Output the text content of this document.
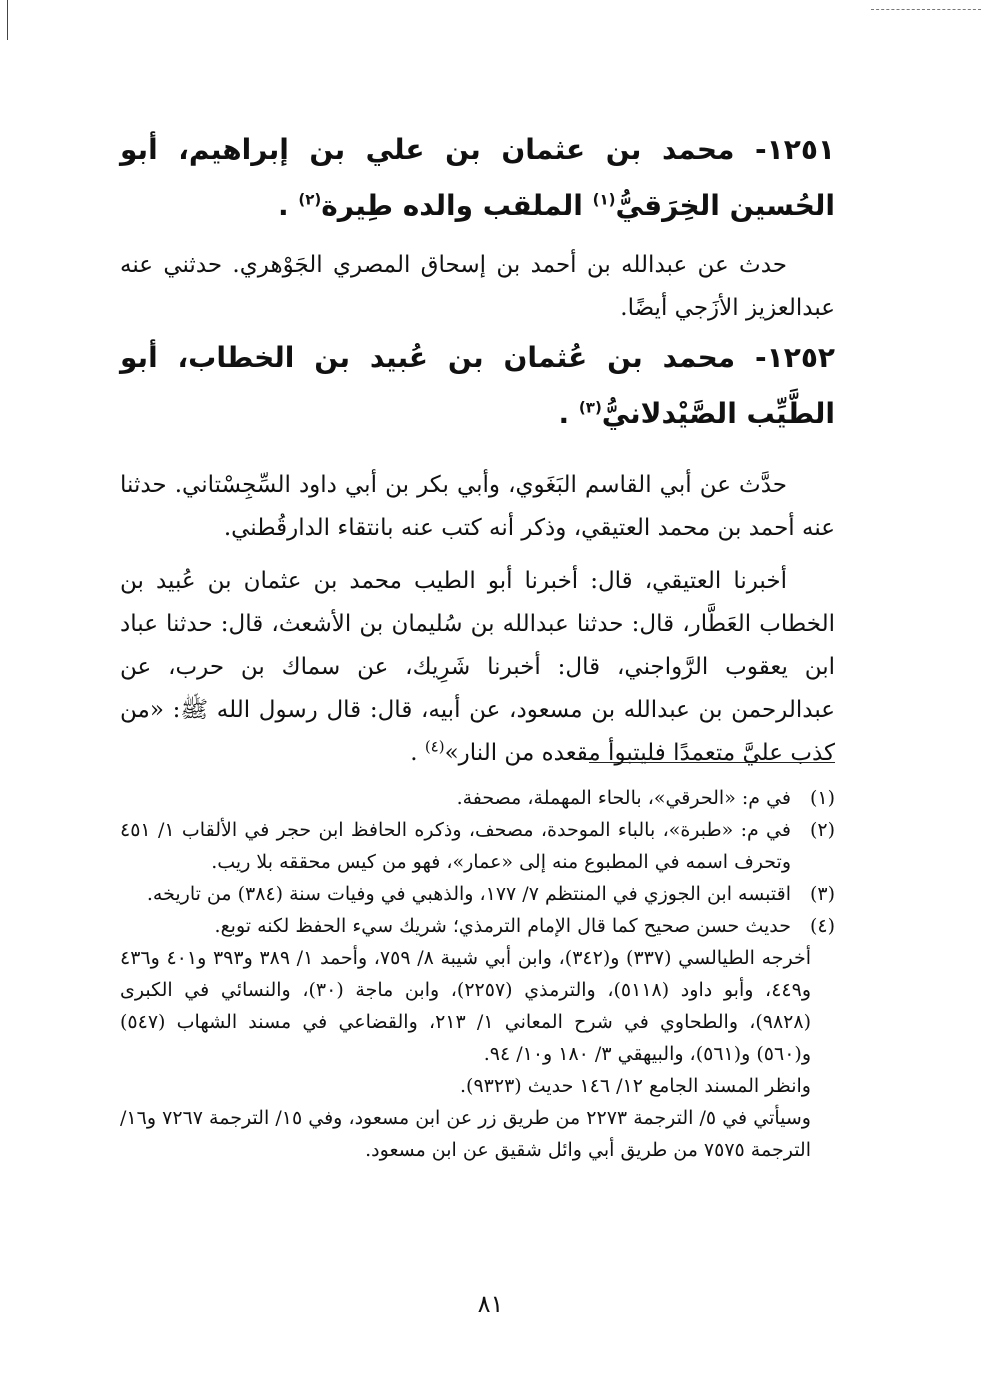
١٢٥١- محمد بن عثمان بن علي بن إبراهيم، أبو الحُسين الخِرَقيُّ$^{(١)}$ الملقب والده طِيرة$^{(٢)}$ .

حدث عن عبدالله بن أحمد بن إسحاق المصري الجَوْهري. حدثني عنه عبدالعزيز الأزَجي أيضًا.

١٢٥٢- محمد بن عُثمان بن عُبيد بن الخطاب، أبو الطَّيِّب الصَّيْدلانيُّ$^{(٣)}$ .

حدَّث عن أبي القاسم البَغَوي، وأبي بكر بن أبي داود السِّجِسْتاني. حدثنا عنه أحمد بن محمد العتيقي، وذكر أنه كتب عنه بانتقاء الدارقُطني.

أخبرنا العتيقي، قال: أخبرنا أبو الطيب محمد بن عثمان بن عُبيد بن الخطاب العَطَّار، قال: حدثنا عبدالله بن سُليمان بن الأشعث، قال: حدثنا عباد ابن يعقوب الرَّواجني، قال: أخبرنا شَرِيك، عن سماك بن حرب، عن عبدالرحمن بن عبدالله بن مسعود، عن أبيه، قال: قال رسول الله ﷺ: «من كذب عليَّ متعمدًا فليتبوأ مقعده من النار»$^{(٤)}$ .

(١)
في م: «الحرقي»، بالحاء المهملة، مصحفة.
(٢)
في م: «طبرة»، بالباء الموحدة، مصحف، وذكره الحافظ ابن حجر في الألقاب ١/ ٤٥١ وتحرف اسمه في المطبوع منه إلى «عمار»، فهو من كيس محققه بلا ريب.
(٣)
اقتبسه ابن الجوزي في المنتظم ٧/ ١٧٧، والذهبي في وفيات سنة (٣٨٤) من تاريخه.
(٤)
حديث حسن صحيح كما قال الإمام الترمذي؛ شريك سيء الحفظ لكنه توبع.
أخرجه الطيالسي (٣٣٧) و(٣٤٢)، وابن أبي شيبة ٨/ ٧٥٩، وأحمد ١/ ٣٨٩ و٣٩٣ و٤٠١ و٤٣٦ و٤٤٩، وأبو داود (٥١١٨)، والترمذي (٢٢٥٧)، وابن ماجة (٣٠)، والنسائي في الكبرى (٩٨٢٨)، والطحاوي في شرح المعاني ١/ ٢١٣، والقضاعي في مسند الشهاب (٥٤٧) و(٥٦٠) و(٥٦١)، والبيهقي ٣/ ١٨٠ و١٠/ ٩٤.
وانظر المسند الجامع ١٢/ ١٤٦ حديث (٩٣٢٣).
وسيأتي في ٥/ الترجمة ٢٢٧٣ من طريق زر عن ابن مسعود، وفي ١٥/ الترجمة ٧٢٦٧ و١٦/ الترجمة ٧٥٧٥ من طريق أبي وائل شقيق عن ابن مسعود.
٨١
